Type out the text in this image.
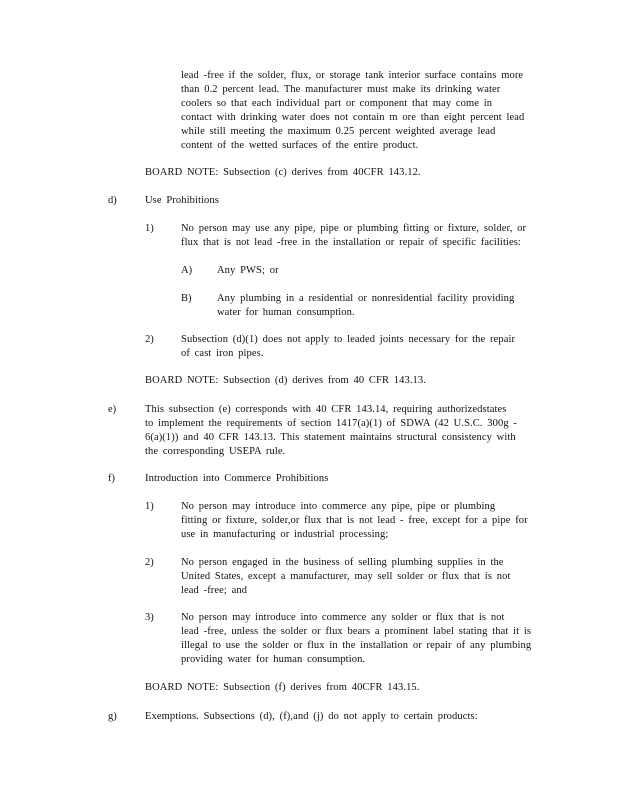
lead -free if the solder, flux, or storage tank interior surface contains more
than 0.2 percent lead. The manufacturer must make its drinking water
coolers so that each individual part or component that may come in
contact with drinking water does not contain m ore than eight percent lead
while still meeting the maximum 0.25 percent weighted average lead
content of the wetted surfaces of the entire product.
BOARD NOTE: Subsection (c) derives from 40CFR 143.12.
d)	Use Prohibitions
1)	No person may use any pipe, pipe or plumbing fitting or fixture, solder, or
flux that is not lead -free in the installation or repair of specific facilities:
A) Any PWS; or
B) Any plumbing in a residential or nonresidential facility providing
water for human consumption.
2)	Subsection (d)(1) does not apply to leaded joints necessary for the repair
of cast iron pipes.
BOARD NOTE: Subsection (d) derives from 40 CFR 143.13.
e)	This subsection (e) corresponds with 40 CFR 143.14, requiring authorizedstates
to implement the requirements of section 1417(a)(1) of SDWA (42 U.S.C. 300g -
6(a)(1)) and 40 CFR 143.13. This statement maintains structural consistency with
the corresponding USEPA rule.
f)	Introduction into Commerce Prohibitions
1)	No person may introduce into commerce any pipe, pipe or plumbing
fitting or fixture, solder,or flux that is not lead - free, except for a pipe for
use in manufacturing or industrial processing;
2)	No person engaged in the business of selling plumbing supplies in the
United States, except a manufacturer, may sell solder or flux that is not
lead -free; and
3)	No person may introduce into commerce any solder or flux that is not
lead -free, unless the solder or flux bears a prominent label stating that it is
illegal to use the solder or flux in the installation or repair of any plumbing
providing water for human consumption.
BOARD NOTE: Subsection (f) derives from 40CFR 143.15.
g)	Exemptions. Subsections (d), (f),and (j) do not apply to certain products:
